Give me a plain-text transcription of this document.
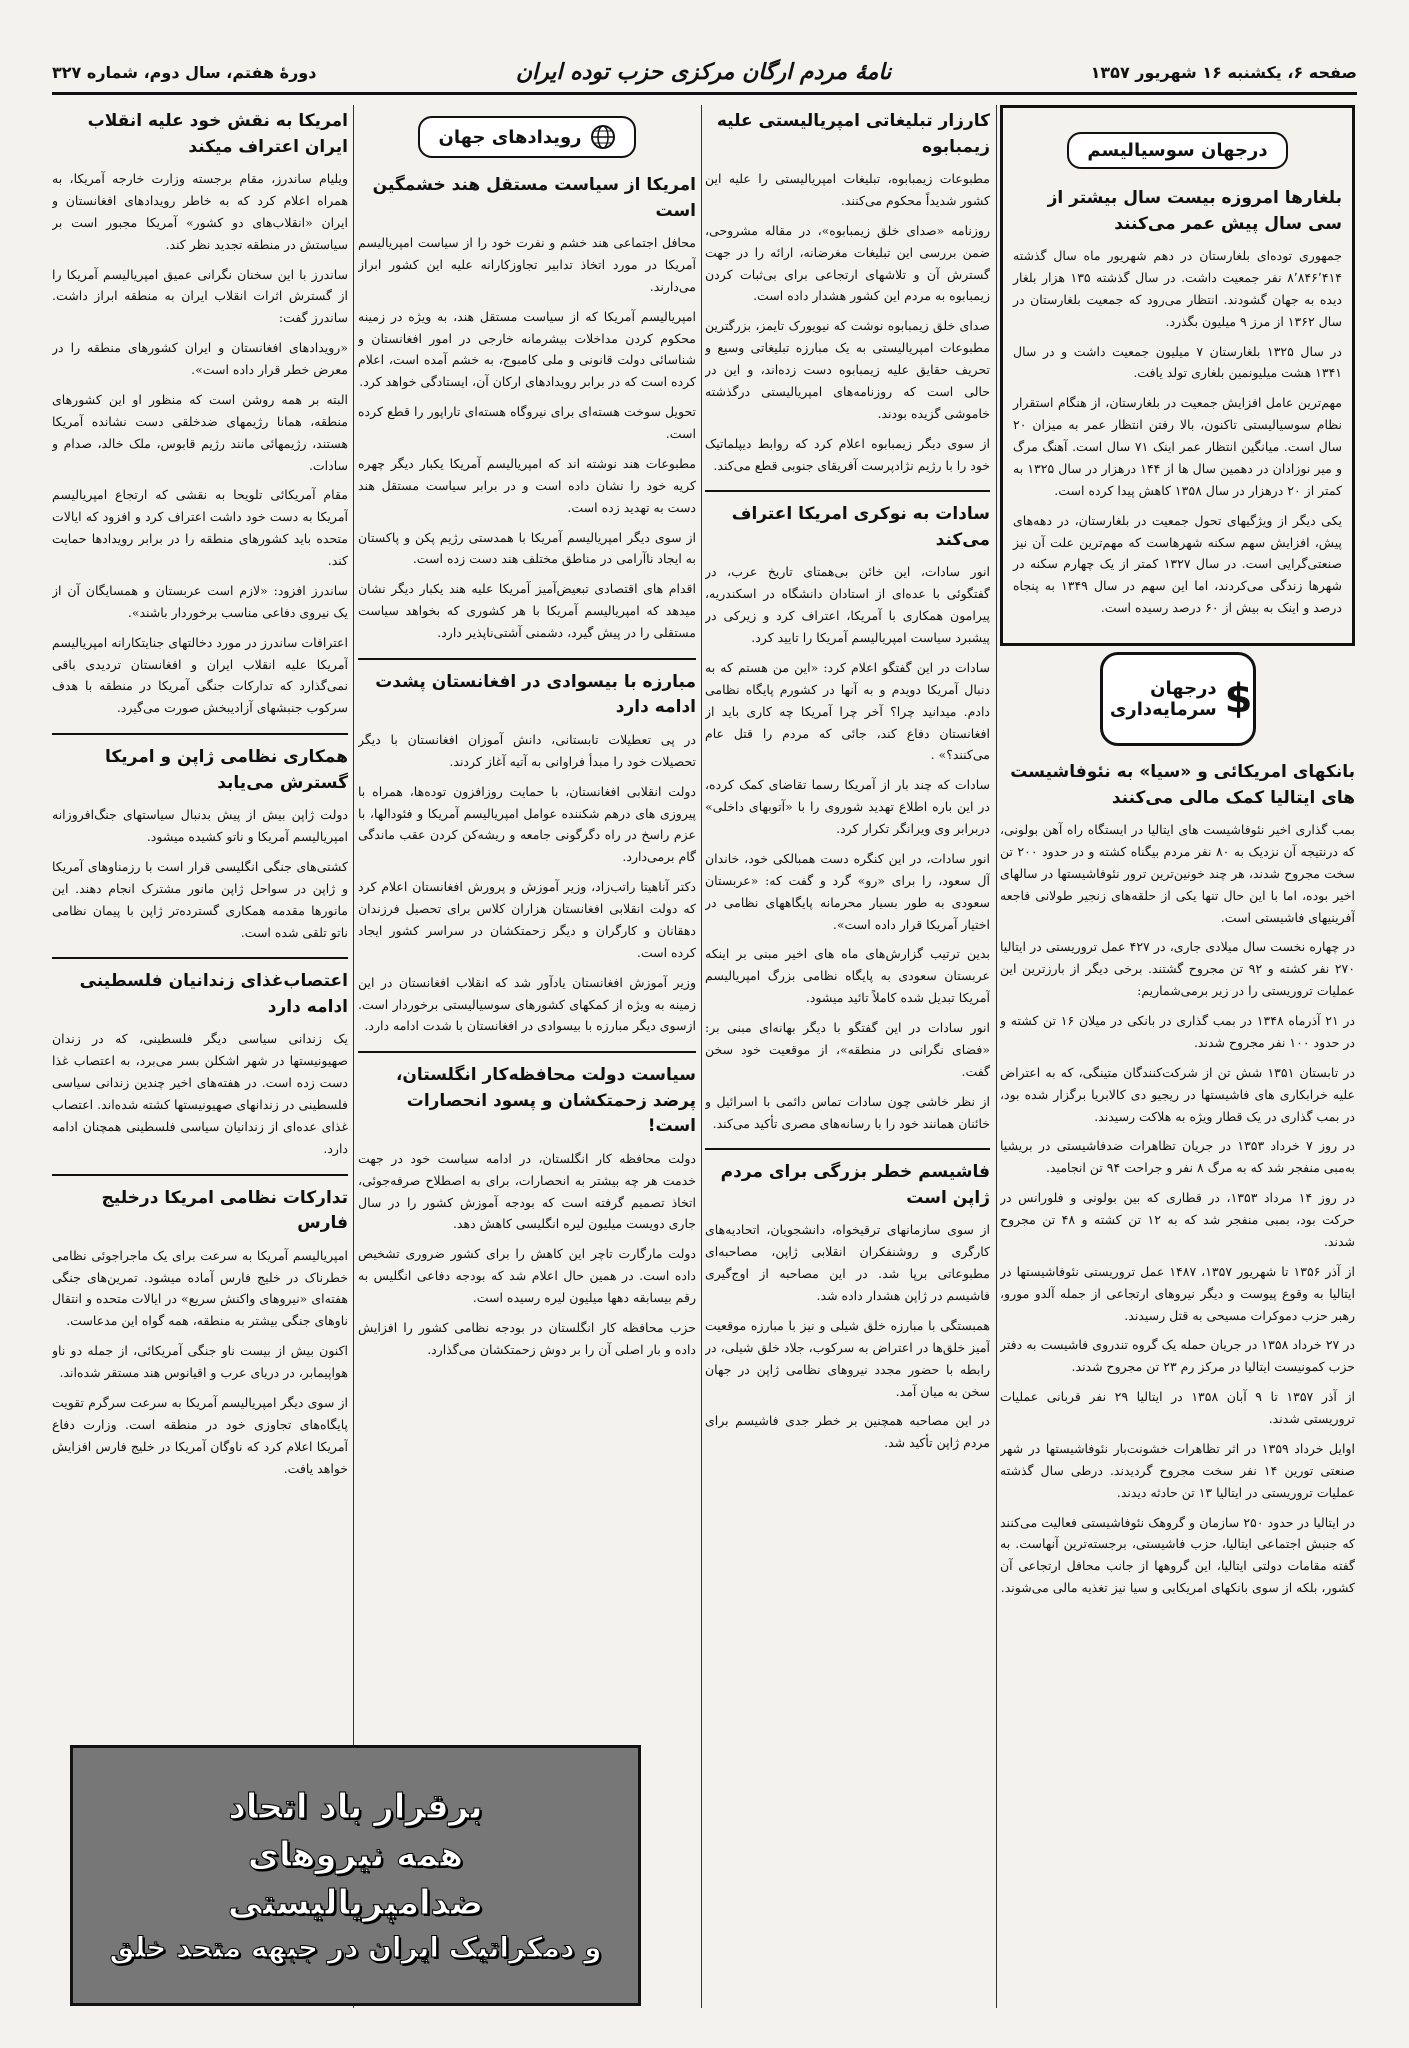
صفحه ۶، یکشنبه ۱۶ شهریور ۱۳۵۷
نامهٔ مردم ارگان مرکزی حزب توده ایران
دورهٔ هفتم، سال دوم، شماره ۳۲۷
درجهان سوسیالیسم
بلغارها امروزه بیست سال بیشتر از سی سال پیش عمر می‌کنند

جمهوری توده‌ای بلغارستان در دهم شهریور ماه سال گذشته ۸٬۸۴۶٬۴۱۴ نفر جمعیت داشت. در سال گذشته ۱۳۵ هزار بلغار دیده به جهان گشودند. انتظار می‌رود که جمعیت بلغارستان در سال ۱۳۶۲ از مرز ۹ میلیون بگذرد.

در سال ۱۳۲۵ بلغارستان ۷ میلیون جمعیت داشت و در سال ۱۳۴۱ هشت میلیونمین بلغاری تولد یافت.

مهم‌ترین عامل افزایش جمعیت در بلغارستان، از هنگام استقرار نظام سوسیالیستی تاکنون، بالا رفتن انتظار عمر به میزان ۲۰ سال است. میانگین انتظار عمر اینک ۷۱ سال است. آهنگ مرگ و میر نوزادان در دهمین سال ها از ۱۴۴ درهزار در سال ۱۳۲۵ به کمتر از ۲۰ درهزار در سال ۱۳۵۸ کاهش پیدا کرده است.

یکی دیگر از ویژگیهای تحول جمعیت در بلغارستان، در دهه‌های پیش، افزایش سهم سکنه شهرهاست که مهم‌ترین علت آن نیز صنعتی‌گرایی است. در سال ۱۳۲۷ کمتر از یک چهارم سکنه در شهرها زندگی می‌کردند، اما این سهم در سال ۱۳۴۹ به پنجاه درصد و اینک به بیش از ۶۰ درصد رسیده است.

$
درجهان سرمایه‌داری
بانکهای امریکائی و «سیا» به نئوفاشیست های ایتالیا کمک مالی می‌کنند

بمب گذاری اخیر نئوفاشیست های ایتالیا در ایستگاه راه آهن بولونی، که درنتیجه آن نزدیک به ۸۰ نفر مردم بیگناه کشته و در حدود ۲۰۰ تن سخت مجروح شدند، هر چند خونین‌ترین ترور نئوفاشیستها در سالهای اخیر بوده، اما با این حال تنها یکی از حلقه‌های زنجیر طولانی فاجعه آفرینیهای فاشیستی است.

در چهاره نخست سال میلادی جاری، در ۴۲۷ عمل تروریستی در ایتالیا ۲۷۰ نفر کشته و ۹۲ تن مجروح گشتند. برخی دیگر از بارزترین این عملیات تروریستی را در زیر برمی‌شماریم:

در ۲۱ آذرماه ۱۳۴۸ در بمب گذاری در بانکی در میلان ۱۶ تن کشته و در حدود ۱۰۰ نفر مجروح شدند.

در تابستان ۱۳۵۱ شش تن از شرکت‌کنندگان متینگی، که به اعتراض علیه خرابکاری های فاشیستها در ریجیو دی کالابریا برگزار شده بود، در بمب گذاری در یک قطار ویژه به هلاکت رسیدند.

در روز ۷ خرداد ۱۳۵۳ در جریان تظاهرات ضدفاشیستی در بریشیا به‌مبی منفجر شد که به مرگ ۸ نفر و جراحت ۹۴ تن انجامید.

در روز ۱۴ مرداد ۱۳۵۳، در قطاری که بین بولونی و فلورانس در حرکت بود، بمبی منفجر شد که به ۱۲ تن کشته و ۴۸ تن مجروح شدند.

از آذر ۱۳۵۶ تا شهریور ۱۳۵۷، ۱۴۸۷ عمل تروریستی نئوفاشیستها در ایتالیا به وقوع پیوست و دیگر نیروهای ارتجاعی از جمله آلدو مورو، رهبر حزب دموکرات مسیحی به قتل رسیدند.

در ۲۷ خرداد ۱۳۵۸ در جریان حمله یک گروه تندروی فاشیست به دفتر حزب کمونیست ایتالیا در مرکز رم ۲۳ تن مجروح شدند.

از آذر ۱۳۵۷ تا ۹ آبان ۱۳۵۸ در ایتالیا ۲۹ نفر قربانی عملیات تروریستی شدند.

اوایل خرداد ۱۳۵۹ در اثر تظاهرات خشونت‌بار نئوفاشیستها در شهر صنعتی تورین ۱۴ نفر سخت مجروح گردیدند. درطی سال گذشته عملیات تروریستی در ایتالیا ۱۳ تن حادثه دیدند.

در ایتالیا در حدود ۲۵۰ سازمان و گروهک نئوفاشیستی فعالیت می‌کنند که جنبش اجتماعی ایتالیا، حزب فاشیستی، برجسته‌ترین آنهاست. به گفته مقامات دولتی ایتالیا، این گروهها از جانب محافل ارتجاعی آن کشور، بلکه از سوی بانکهای امریکایی و سیا نیز تغذیه مالی می‌شوند.

کارزار تبلیغاتی امپریالیستی علیه زیمبابوه

مطبوعات زیمبابوه، تبلیغات امپریالیستی را علیه این کشور شدیداً محکوم می‌کنند.

روزنامه «صدای خلق زیمبابوه»، در مقاله مشروحی، ضمن بررسی این تبلیغات مغرضانه، ارائه را در جهت گسترش آن و تلاشهای ارتجاعی برای بی‌ثبات کردن زیمبابوه به مردم این کشور هشدار داده است.

صدای خلق زیمبابوه نوشت که نیویورک تایمز، بزرگترین مطبوعات امپریالیستی به یک مبارزه تبلیغاتی وسیع و تحریف حقایق علیه زیمبابوه دست زده‌اند، و این در حالی است که روزنامه‌های امپریالیستی درگذشته خاموشی گزیده بودند.

از سوی دیگر زیمبابوه اعلام کرد که روابط دیپلماتیک خود را با رژیم نژادپرست آفریقای جنوبی قطع می‌کند.

سادات به نوکری امریکا اعتراف می‌کند

انور سادات، این خائن بی‌همتای تاریخ عرب، در گفتگوئی با عده‌ای از استادان دانشگاه در اسکندریه، پیرامون همکاری با آمریکا، اعتراف کرد و زیرکی در پیشبرد سیاست امپریالیسم آمریکا را تایید کرد.

سادات در این گفتگو اعلام کرد: «این من هستم که به دنبال آمریکا دویدم و به آنها در کشورم پایگاه نظامی دادم. میدانید چرا؟ آخر چرا آمریکا چه کاری باید از افغانستان دفاع کند، جائی که مردم را قتل عام می‌کنند؟» .

سادات که چند بار از آمریکا رسما تقاضای کمک کرده، در این باره اطلاع تهدید شوروی را با «آتوبهای داخلی» دربرابر وی ویرانگر تکرار کرد.

انور سادات، در این کنگره دست همبالکی خود، خاندان آل سعود، را برای «رو» گرد و گفت که: «عربستان سعودی به طور بسیار محرمانه پایگاههای نظامی در اختیار آمریکا قرار داده است».

بدین ترتیب گزارش‌های ماه های اخیر مبنی بر اینکه عربستان سعودی به پایگاه نظامی بزرگ امپریالیسم آمریکا تبدیل شده کاملاً تائید میشود.

انور سادات در این گفتگو با دیگر بهانه‌ای مبنی بر: «فضای نگرانی در منطقه»، از موقعیت خود سخن گفت.

از نظر خاشی چون سادات تماس دائمی با اسرائیل و خائنان همانند خود را با رسانه‌های مصری تأکید می‌کند.

فاشیسم خطر بزرگی برای مردم ژاپن است

از سوی سازمانهای ترقیخواه، دانشجویان، اتحادیه‌های کارگری و روشنفکران انقلابی ژاپن، مصاحبه‌ای مطبوعاتی برپا شد. در این مصاحبه از اوج‌گیری فاشیسم در ژاپن هشدار داده شد.

همبستگی با مبارزه خلق شیلی و نیز با مبارزه موقعیت آمیز خلق‌ها در اعتراض به سرکوب، جلاد خلق شیلی، در رابطه با حضور مجدد نیروهای نظامی ژاپن در جهان سخن به میان آمد.

در این مصاحبه همچنین بر خطر جدی فاشیسم برای مردم ژاپن تأکید شد.

رویدادهای جهان
امریکا از سیاست مستقل هند خشمگین است

محافل اجتماعی هند خشم و نفرت خود را از سیاست امپریالیسم آمریکا در مورد اتخاذ تدابیر تجاوزکارانه علیه این کشور ابراز می‌دارند.

امپریالیسم آمریکا که از سیاست مستقل هند، به ویژه در زمینه محکوم کردن مداخلات بیشرمانه خارجی در امور افغانستان و شناسائی دولت قانونی و ملی کامبوج، به خشم آمده است، اعلام کرده است که در برابر رویدادهای ارکان آن، ایستادگی خواهد کرد.

تحویل سوخت هسته‌ای برای نیروگاه هسته‌ای تاراپور را قطع کرده است.

مطبوعات هند نوشته اند که امپریالیسم آمریکا یکبار دیگر چهره کریه خود را نشان داده است و در برابر سیاست مستقل هند دست به تهدید زده است.

از سوی دیگر امپریالیسم آمریکا با همدستی رژیم پکن و پاکستان به ایجاد ناآرامی در مناطق مختلف هند دست زده است.

اقدام های اقتصادی تبعیض‌آمیز آمریکا علیه هند یکبار دیگر نشان میدهد که امپریالیسم آمریکا با هر کشوری که بخواهد سیاست مستقلی را در پیش گیرد، دشمنی آشتی‌ناپذیر دارد.

مبارزه با بیسوادی در افغانستان پشدت ادامه دارد

در پی تعطیلات تابستانی، دانش آموزان افغانستان با دیگر تحصیلات خود را مبدأ فراوانی به آتیه آغاز کردند.

دولت انقلابی افغانستان، با حمایت روزافزون توده‌ها، همراه با پیروزی های درهم شکننده عوامل امپریالیسم آمریکا و فئودالها، با عزم راسخ در راه دگرگونی جامعه و ریشه‌کن کردن عقب ماندگی گام برمی‌دارد.

دکتر آناهیتا راتب‌زاد، وزیر آموزش و پرورش افغانستان اعلام کرد که دولت انقلابی افغانستان هزاران کلاس برای تحصیل فرزندان دهقانان و کارگران و دیگر زحمتکشان در سراسر کشور ایجاد کرده است.

وزیر آموزش افغانستان یادآور شد که انقلاب افغانستان در این زمینه به ویژه از کمکهای کشورهای سوسیالیستی برخوردار است. ازسوی دیگر مبارزه با بیسوادی در افغانستان با شدت ادامه دارد.

سیاست دولت محافظه‌کار انگلستان، پرضد زحمتکشان و پسود انحصارات است!

دولت محافظه کار انگلستان، در ادامه سیاست خود در جهت خدمت هر چه بیشتر به انحصارات، برای به اصطلاح صرفه‌جوئی، اتخاذ تصمیم گرفته است که بودجه آموزش کشور را در سال جاری دویست میلیون لیره انگلیسی کاهش دهد.

دولت مارگارت تاچر این کاهش را برای کشور ضروری تشخیص داده است. در همین حال اعلام شد که بودجه دفاعی انگلیس به رقم بیسابقه دهها میلیون لیره رسیده است.

حزب محافظه کار انگلستان در بودجه نظامی کشور را افزایش داده و بار اصلی آن را بر دوش زحمتکشان می‌گذارد.

امریکا به نقش خود علیه انقلاب ایران اعتراف میکند

ویلیام ساندرز، مقام برجسته وزارت خارجه آمریکا، به همراه اعلام کرد که به خاطر رویدادهای افغانستان و ایران «انقلاب‌های دو کشور» آمریکا مجبور است بر سیاستش در منطقه تجدید نظر کند.

ساندرز با این سخنان نگرانی عمیق امپریالیسم آمریکا را از گسترش اثرات انقلاب ایران به منطقه ابراز داشت. ساندرز گفت:

«رویدادهای افغانستان و ایران کشورهای منطقه را در معرض خطر قرار داده است».

البته بر همه روشن است که منظور او این کشورهای منطقه، همانا رژیمهای ضدخلقی دست نشانده آمریکا هستند، رژیمهائی مانند رژیم قابوس، ملک خالد، صدام و سادات.

مقام آمریکائی تلویحا به نقشی که ارتجاع امپریالیسم آمریکا به دست خود داشت اعتراف کرد و افزود که ایالات متحده باید کشورهای منطقه را در برابر رویدادها حمایت کند.

ساندرز افزود: «لازم است عربستان و همسایگان آن از یک نیروی دفاعی مناسب برخوردار باشند».

اعترافات ساندرز در مورد دخالتهای جنایتکارانه امپریالیسم آمریکا علیه انقلاب ایران و افغانستان تردیدی باقی نمی‌گذارد که تدارکات جنگی آمریکا در منطقه با هدف سرکوب جنبشهای آزادیبخش صورت می‌گیرد.

همکاری نظامی ژاپن و امریکا گسترش می‌یابد

دولت ژاپن بیش از پیش بدنبال سیاستهای جنگ‌افروزانه امپریالیسم آمریکا و ناتو کشیده میشود.

کشتی‌های جنگی انگلیسی قرار است با رزمناوهای آمریکا و ژاپن در سواحل ژاپن مانور مشترک انجام دهند. این مانورها مقدمه همکاری گسترده‌تر ژاپن با پیمان نظامی ناتو تلقی شده است.

اعتصاب‌غذای زندانیان فلسطینی ادامه دارد

یک زندانی سیاسی دیگر فلسطینی، که در زندان صهیونیستها در شهر اشکلن بسر می‌برد، به اعتصاب غذا دست زده است. در هفته‌های اخیر چندین زندانی سیاسی فلسطینی در زندانهای صهیونیستها کشته شده‌اند. اعتصاب غذای عده‌ای از زندانیان سیاسی فلسطینی همچنان ادامه دارد.

تدارکات نظامی امریکا درخلیج فارس

امپریالیسم آمریکا به سرعت برای یک ماجراجوئی نظامی خطرناک در خلیج فارس آماده میشود. تمرین‌های جنگی هفته‌ای «نیروهای واکنش سریع» در ایالات متحده و انتقال ناوهای جنگی بیشتر به منطقه، همه گواه این مدعاست.

اکنون بیش از بیست ناو جنگی آمریکائی، از جمله دو ناو هواپیمابر، در دریای عرب و اقیانوس هند مستقر شده‌اند.

از سوی دیگر امپریالیسم آمریکا به سرعت سرگرم تقویت پایگاه‌های تجاوزی خود در منطقه است. وزارت دفاع آمریکا اعلام کرد که ناوگان آمریکا در خلیج فارس افزایش خواهد یافت.

برقرار باد اتحاد
همه نیروهای
ضدامپریالیستی
و دمکراتیک ایران در جبهه متحد خلق
